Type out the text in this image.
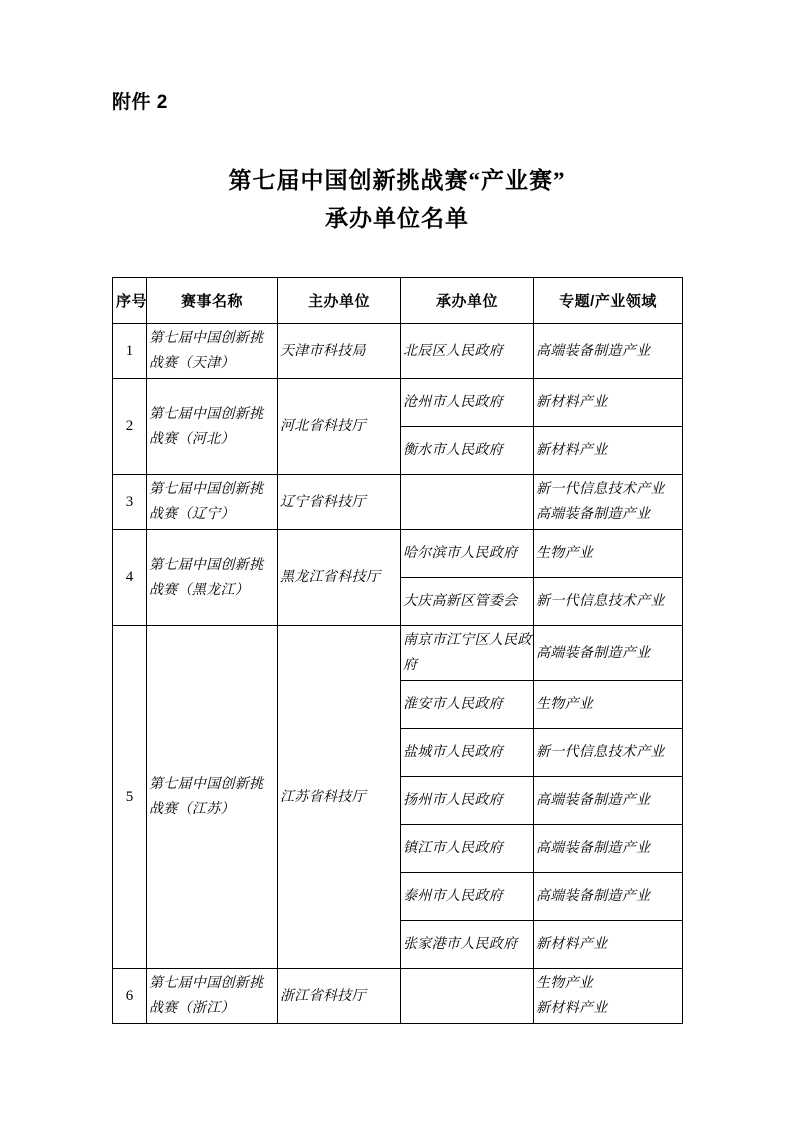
附件 2
第七届中国创新挑战赛“产业赛”
承办单位名单
序号	赛事名称	主办单位	承办单位	专题/产业领域
1	第七届中国创新挑战赛（天津）	天津市科技局	北辰区人民政府	高端装备制造产业

2	第七届中国创新挑战赛（河北）	河北省科技厅	沧州市人民政府	新材料产业

			衡水市人民政府	新材料产业

3	第七届中国创新挑战赛（辽宁）	辽宁省科技厅		新一代信息技术产业
高端装备制造产业

4	第七届中国创新挑战赛（黑龙江）	黑龙江省科技厅	哈尔滨市人民政府	生物产业

			大庆高新区管委会	新一代信息技术产业

5	第七届中国创新挑战赛（江苏）	江苏省科技厅	南京市江宁区人民政府	高端装备制造产业

			淮安市人民政府	生物产业

			盐城市人民政府	新一代信息技术产业

			扬州市人民政府	高端装备制造产业

			镇江市人民政府	高端装备制造产业

			泰州市人民政府	高端装备制造产业

			张家港市人民政府	新材料产业

6	第七届中国创新挑战赛（浙江）	浙江省科技厅		生物产业
新材料产业
